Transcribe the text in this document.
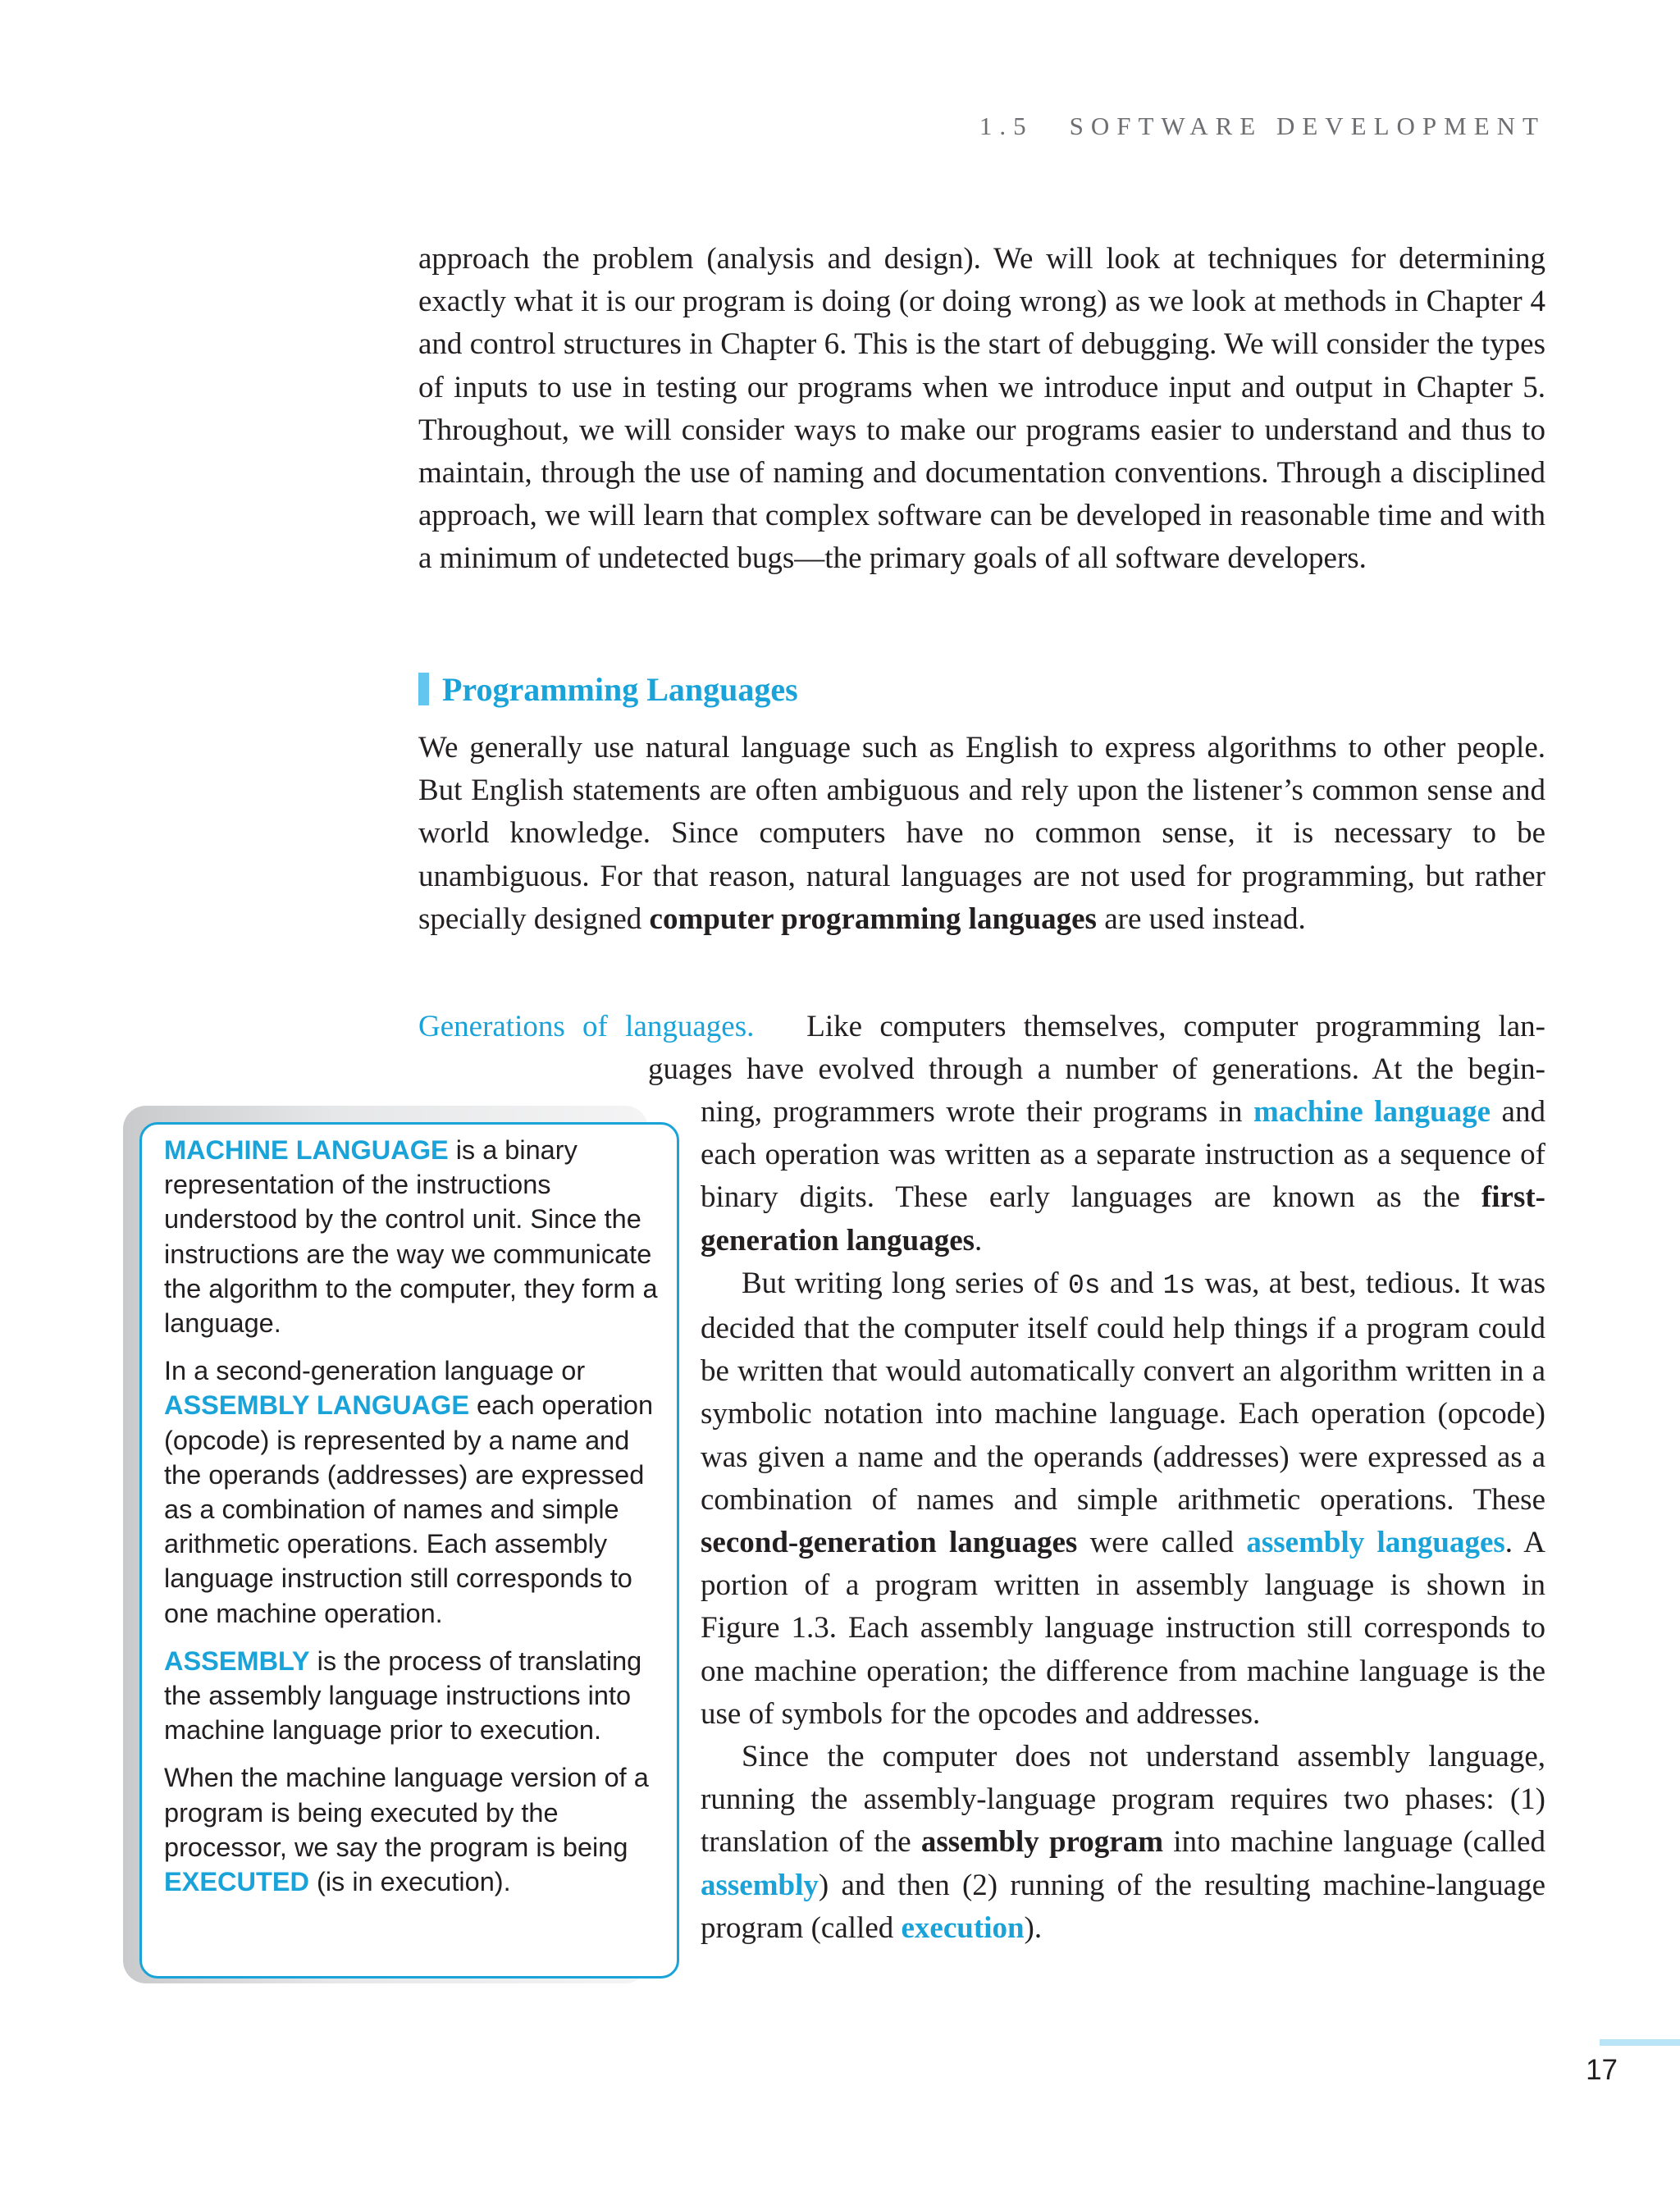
1.5 SOFTWARE DEVELOPMENT
approach the problem (analysis and design). We will look at techniques for determining exactly what it is our program is doing (or doing wrong) as we look at methods in Chapter 4 and control structures in Chapter 6. This is the start of debugging. We will consider the types of inputs to use in testing our programs when we introduce input and output in Chapter 5. Throughout, we will consider ways to make our programs easier to understand and thus to maintain, through the use of naming and documentation conventions. Through a disciplined approach, we will learn that complex software can be developed in reasonable time and with a minimum of undetected bugs—the primary goals of all software developers.
Programming Languages
We generally use natural language such as English to express algorithms to other people. But English statements are often ambiguous and rely upon the listener’s common sense and world knowledge. Since computers have no common sense, it is necessary to be unambiguous. For that reason, natural languages are not used for programming, but rather specially designed computer programming languages are used instead.
Generations of languages. Like computers themselves, computer programming lan-
guages have evolved through a number of generations. At the begin-

ning, programmers wrote their programs in machine language and each operation was written as a separate instruction as a sequence of binary digits. These early languages are known as the first-generation languages.

But writing long series of 0s and 1s was, at best, tedious. It was decided that the computer itself could help things if a program could be written that would automatically convert an algorithm written in a symbolic notation into machine language. Each operation (opcode) was given a name and the operands (addresses) were expressed as a combination of names and simple arithmetic operations. These second-generation languages were called assembly languages. A portion of a program written in assembly language is shown in Figure 1.3. Each assembly language instruction still corresponds to one machine operation; the difference from machine language is the use of symbols for the opcodes and addresses.

Since the computer does not understand assembly language, running the assembly-language program requires two phases: (1) translation of the assembly program into machine language (called assembly) and then (2) running of the resulting machine-language program (called execution).

MACHINE LANGUAGE is a binary representation of the instructions understood by the control unit. Since the instructions are the way we communicate the algorithm to the computer, they form a language.

In a second-generation language or ASSEMBLY LANGUAGE each operation (opcode) is represented by a name and the operands (addresses) are expressed as a combination of names and simple arithmetic operations. Each assembly language instruction still corresponds to one machine operation.

ASSEMBLY is the process of translating the assembly language instructions into machine language prior to execution.

When the machine language version of a program is being executed by the processor, we say the program is being EXECUTED (is in execution).

17
